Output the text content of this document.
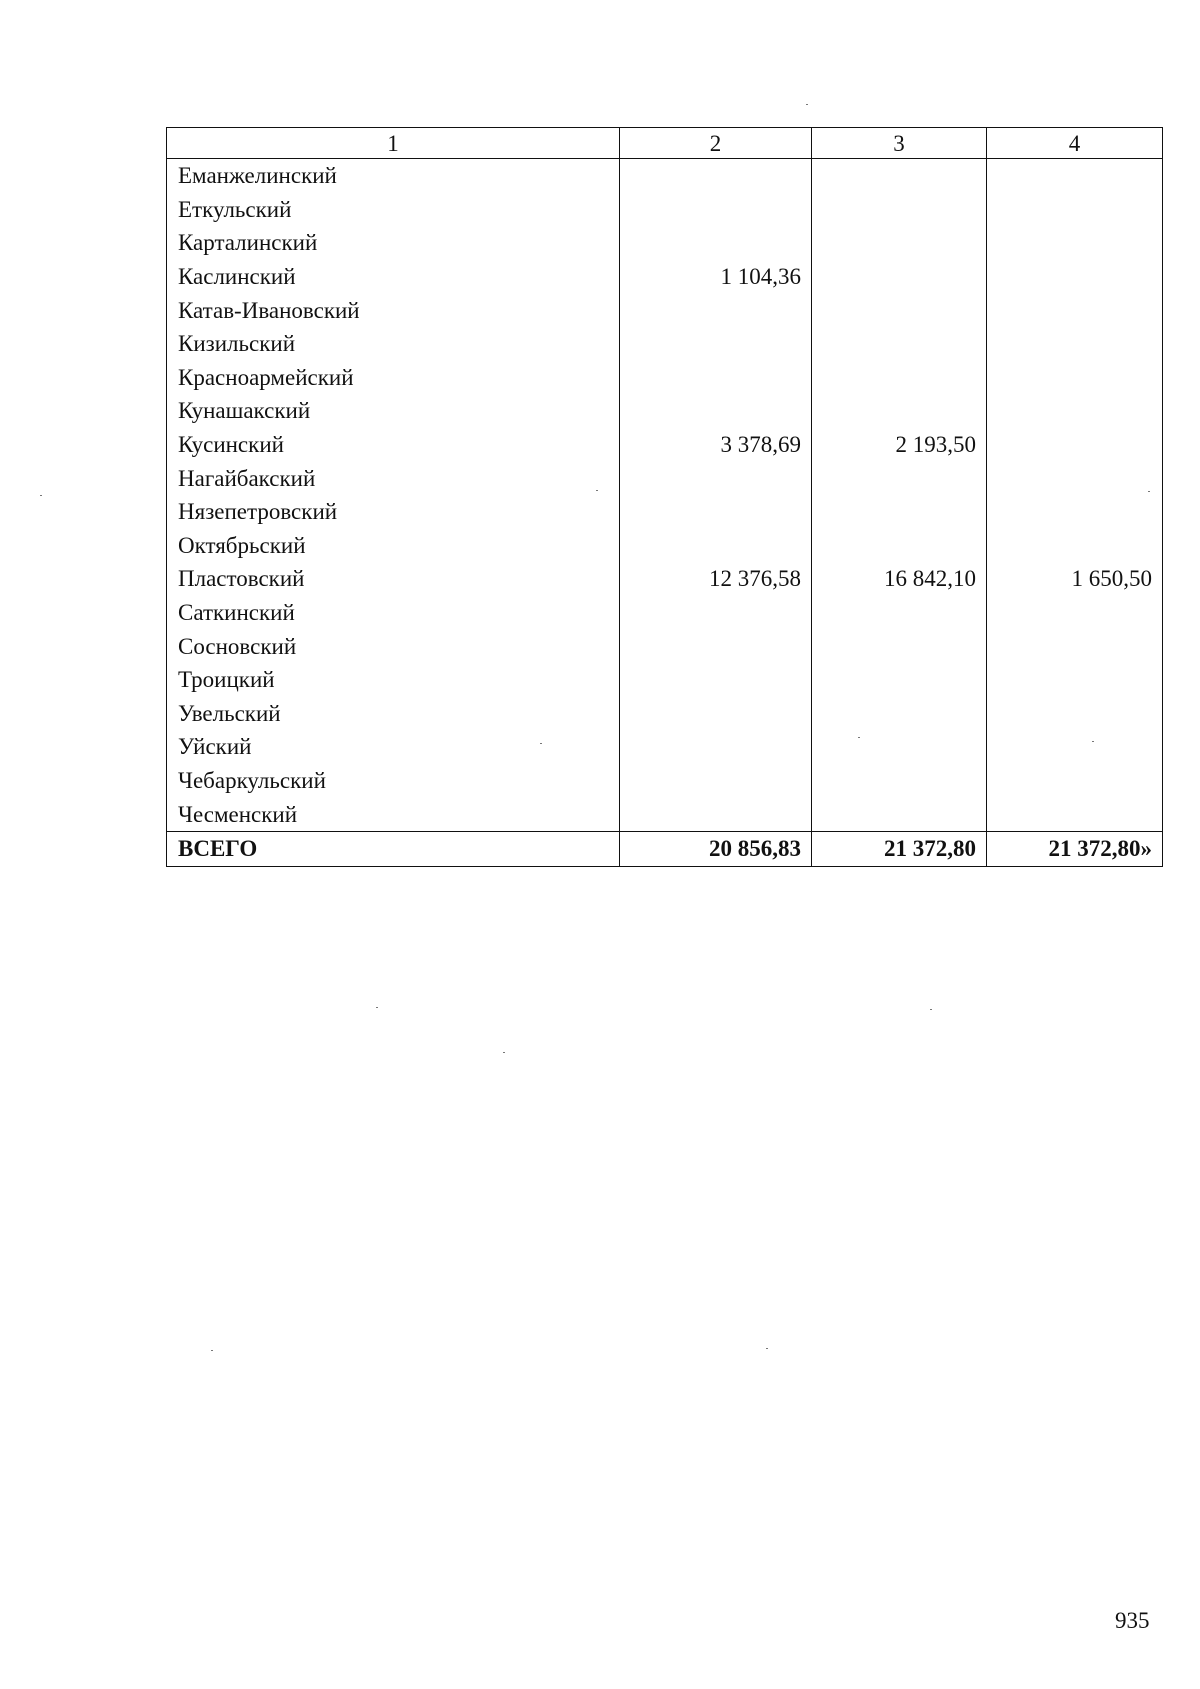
1	2	3	4
Еманжелинский			
Еткульский			
Карталинский			
Каслинский	1 104,36		
Катав-Ивановский			
Кизильский			
Красноармейский			
Кунашакский			
Кусинский	3 378,69	2 193,50	
Нагайбакский			
Нязепетровский			
Октябрьский			
Пластовский	12 376,58	16 842,10	1 650,50
Саткинский			
Сосновский			
Троицкий			
Увельский			
Уйский			
Чебаркульский			
Чесменский			
ВСЕГО	20 856,83	21 372,80	21 372,80»
935
